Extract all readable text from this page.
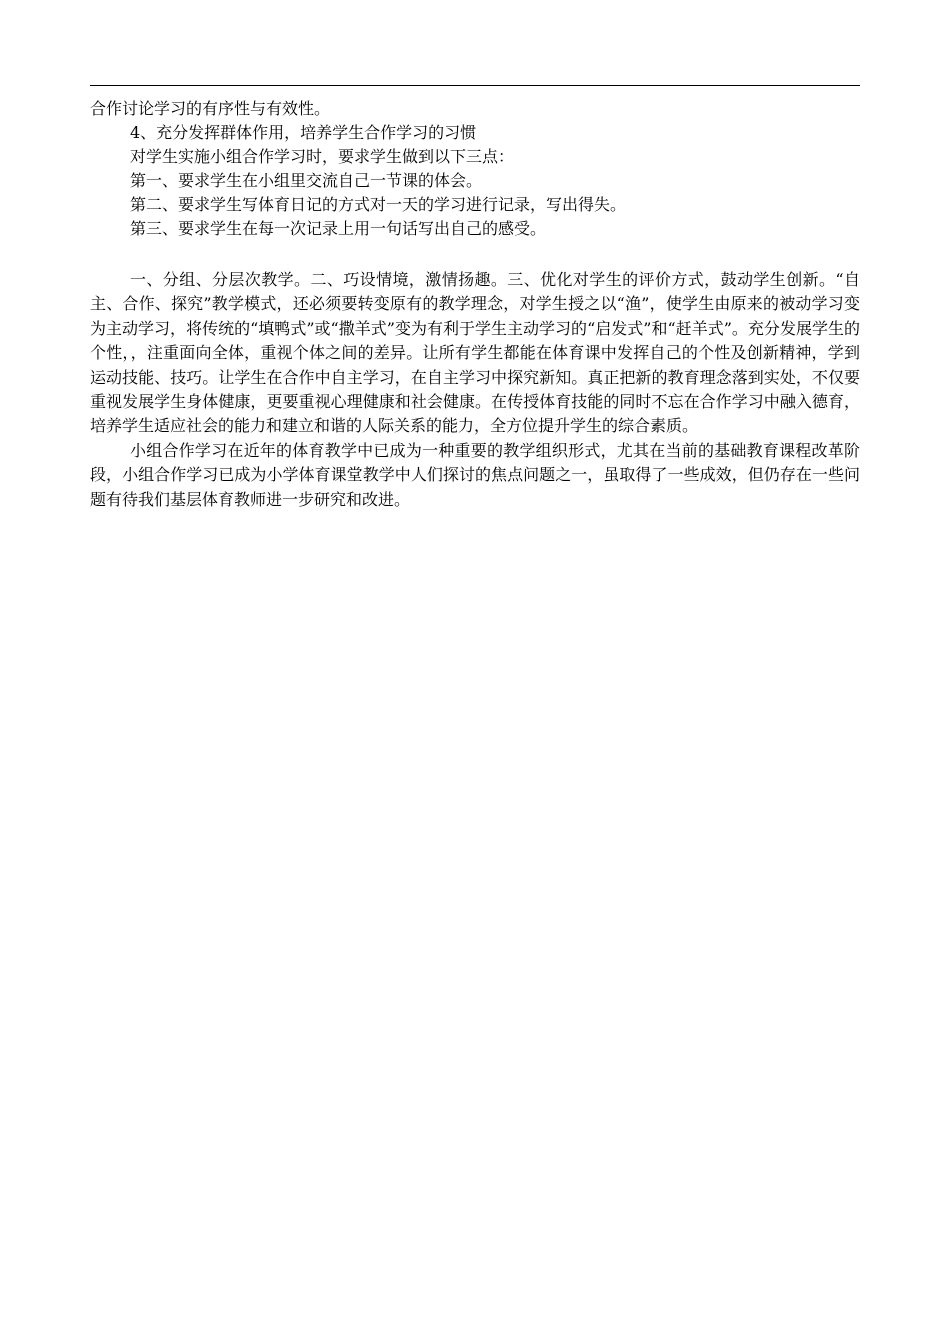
合作讨论学习的有序性与有效性。

4、充分发挥群体作用，培养学生合作学习的习惯

对学生实施小组合作学习时，要求学生做到以下三点：

第一、要求学生在小组里交流自己一节课的体会。

第二、要求学生写体育日记的方式对一天的学习进行记录，写出得失。

第三、要求学生在每一次记录上用一句话写出自己的感受。

一、分组、分层次教学。二、巧设情境，激情扬趣。三、优化对学生的评价方式，鼓动学生创新。“自主、合作、探究”教学模式，还必须要转变原有的教学理念，对学生授之以“渔”，使学生由原来的被动学习变为主动学习，将传统的“填鸭式”或“撒羊式”变为有利于学生主动学习的“启发式”和“赶羊式”。充分发展学生的个性，，注重面向全体，重视个体之间的差异。让所有学生都能在体育课中发挥自己的个性及创新精神，学到运动技能、技巧。让学生在合作中自主学习，在自主学习中探究新知。真正把新的教育理念落到实处，不仅要重视发展学生身体健康，更要重视心理健康和社会健康。在传授体育技能的同时不忘在合作学习中融入德育，培养学生适应社会的能力和建立和谐的人际关系的能力，全方位提升学生的综合素质。

小组合作学习在近年的体育教学中已成为一种重要的教学组织形式，尤其在当前的基础教育课程改革阶段，小组合作学习已成为小学体育课堂教学中人们探讨的焦点问题之一，虽取得了一些成效，但仍存在一些问题有待我们基层体育教师进一步研究和改进。
